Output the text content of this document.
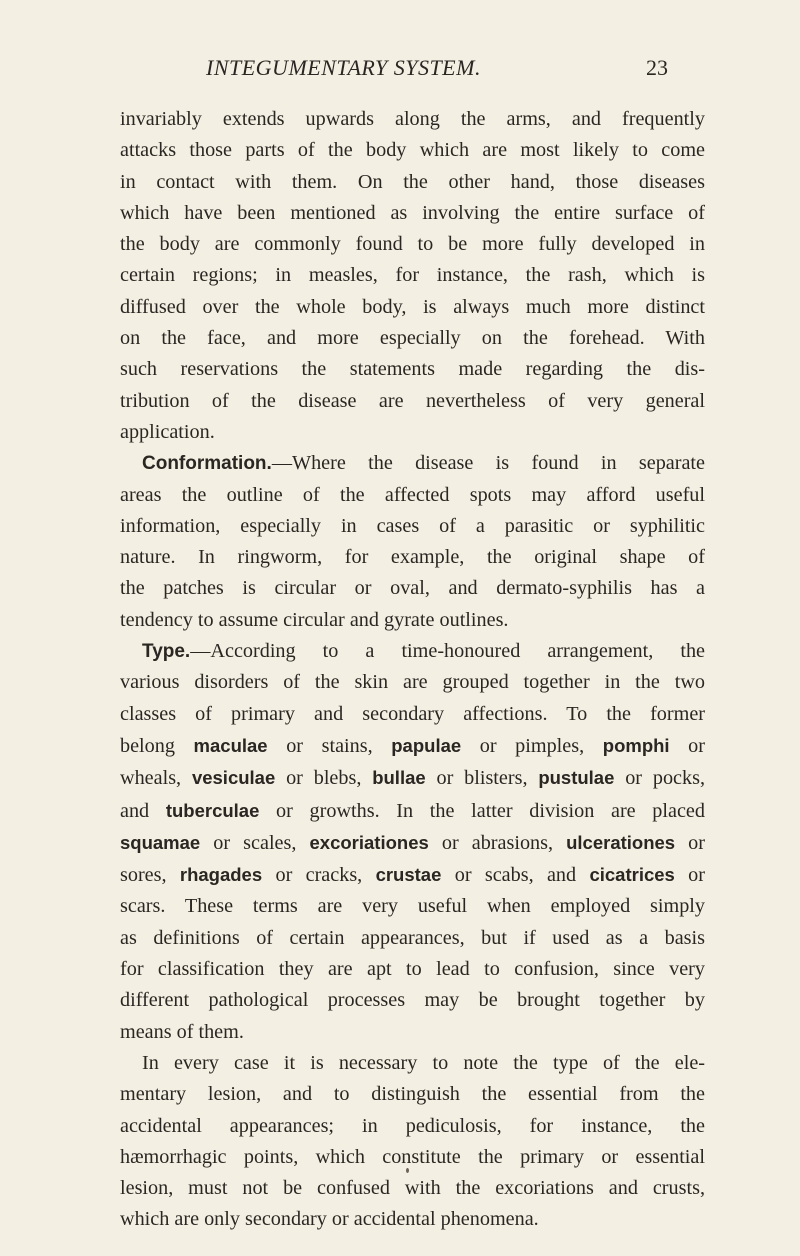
INTEGUMENTARY SYSTEM.	23
invariably extends upwards along the arms, and frequently
attacks those parts of the body which are most likely to come
in contact with them. On the other hand, those diseases
which have been mentioned as involving the entire surface of
the body are commonly found to be more fully developed in
certain regions; in measles, for instance, the rash, which is
diffused over the whole body, is always much more distinct
on the face, and more especially on the forehead. With
such reservations the statements made regarding the dis-
tribution of the disease are nevertheless of very general
application.
Conformation.—Where the disease is found in separate
areas the outline of the affected spots may afford useful
information, especially in cases of a parasitic or syphilitic
nature. In ringworm, for example, the original shape of
the patches is circular or oval, and dermato-syphilis has a
tendency to assume circular and gyrate outlines.
Type.—According to a time-honoured arrangement, the
various disorders of the skin are grouped together in the two
classes of primary and secondary affections. To the former
belong maculae or stains, papulae or pimples, pomphi or
wheals, vesiculae or blebs, bullae or blisters, pustulae or pocks,
and tuberculae or growths. In the latter division are placed
squamae or scales, excoriationes or abrasions, ulcerationes or
sores, rhagades or cracks, crustae or scabs, and cicatrices or
scars. These terms are very useful when employed simply
as definitions of certain appearances, but if used as a basis
for classification they are apt to lead to confusion, since very
different pathological processes may be brought together by
means of them.
In every case it is necessary to note the type of the ele-
mentary lesion, and to distinguish the essential from the
accidental appearances; in pediculosis, for instance, the
hæmorrhagic points, which constitute the primary or essential
lesion, must not be confused with the excoriations and crusts,
which are only secondary or accidental phenomena.
